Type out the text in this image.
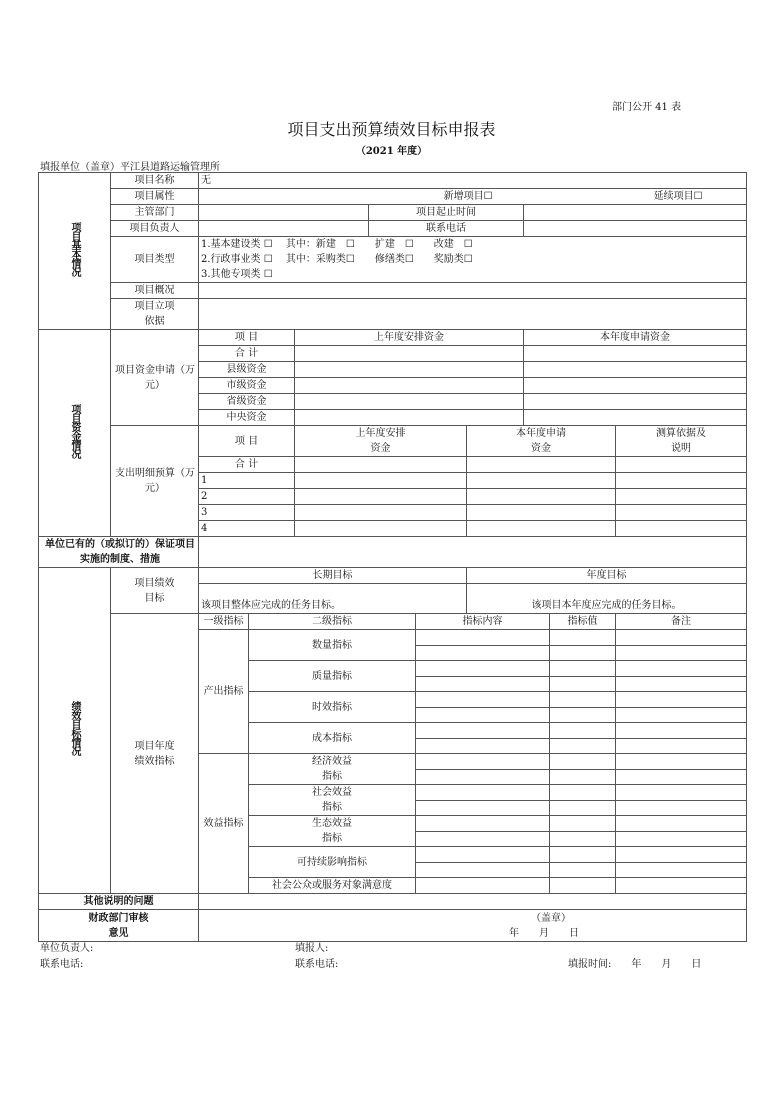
部门公开 41 表
项目支出预算绩效目标申报表
（2021 年度）
填报单位（盖章）平江县道路运输管理所
项目基本情况	项目名称	无								
	项目属性	新增项目☐ 延续项目☐								
	主管部门				项目起止时间					
	项目负责人				联系电话					
	项目类型	1.基本建设类 ☐　 其中：新建　☐　　扩建　☐　　改建　☐
2.行政事业类 ☐　 其中：采购类☐　　修缮类☐　　奖励类☐
3.其他专项类 ☐								

	项目概况									

	项目立项依据									

项目资金情况	项目资金申请（万元）	项 目		上年度安排资金				本年度申请资金		
		合 计								
		县级资金								
		市级资金								
		省级资金								
		中央资金								

	支出明细预算（万元）	项 目		上年度安排资金			本年度申请资金			测算依据及说明

		合 计								
		1								
		2								
		3								
		4								

单位已有的（或拟订的）保证项目实施的制度、措施										

绩效目标情况	项目绩效目标	长期目标					年度目标			
		该项目整体应完成的任务目标。					该项目本年度应完成的任务目标。			

	项目年度绩效指标	一级指标	二级指标			指标内容			指标值	备注
		产出指标	数量指标							

			质量指标							

			时效指标							

			成本指标							

		效益指标	经济效益指标							

			社会效益指标							

			生态效益指标							

			可持续影响指标							

			社会公众或服务对象满意度							
其他说明的问题										

财政部门审核意见		（盖章）
年　　月　　日								
单位负责人:	填报人:
联系电话:	联系电话:	填报时间:　　年　　月　　日
